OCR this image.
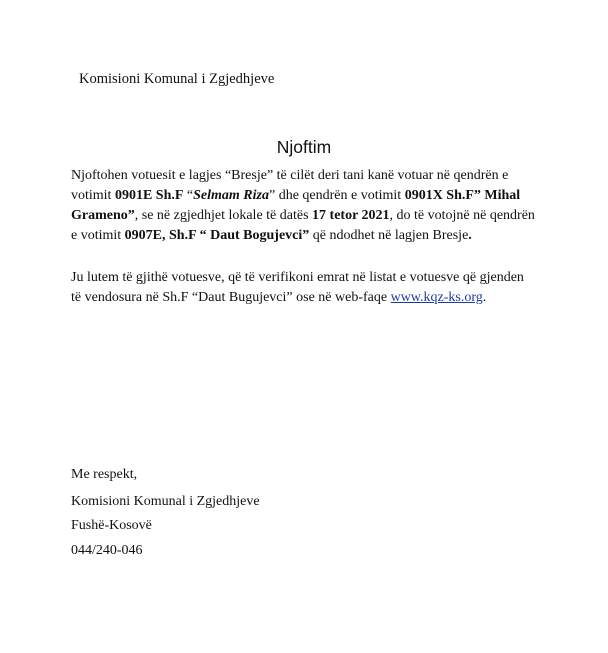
Komisioni Komunal i Zgjedhjeve
Njoftim
Njoftohen votuesit e lagjes “Bresje” të cilët deri tani kanë votuar në qendrën e
votimit 0901E Sh.F “Selmam Riza” dhe qendrën e votimit 0901X Sh.F” Mihal
Grameno”, se në zgjedhjet lokale të datës 17 tetor 2021, do të votojnë në qendrën
e votimit 0907E, Sh.F “ Daut Bogujevci” që ndodhet në lagjen Bresje.
Ju lutem të gjithë votuesve, që të verifikoni emrat në listat e votuesve që gjenden
të vendosura në Sh.F “Daut Bugujevci” ose në web-faqe www.kqz-ks.org.
Me respekt,
Komisioni Komunal i Zgjedhjeve
Fushë-Kosovë
044/240-046
